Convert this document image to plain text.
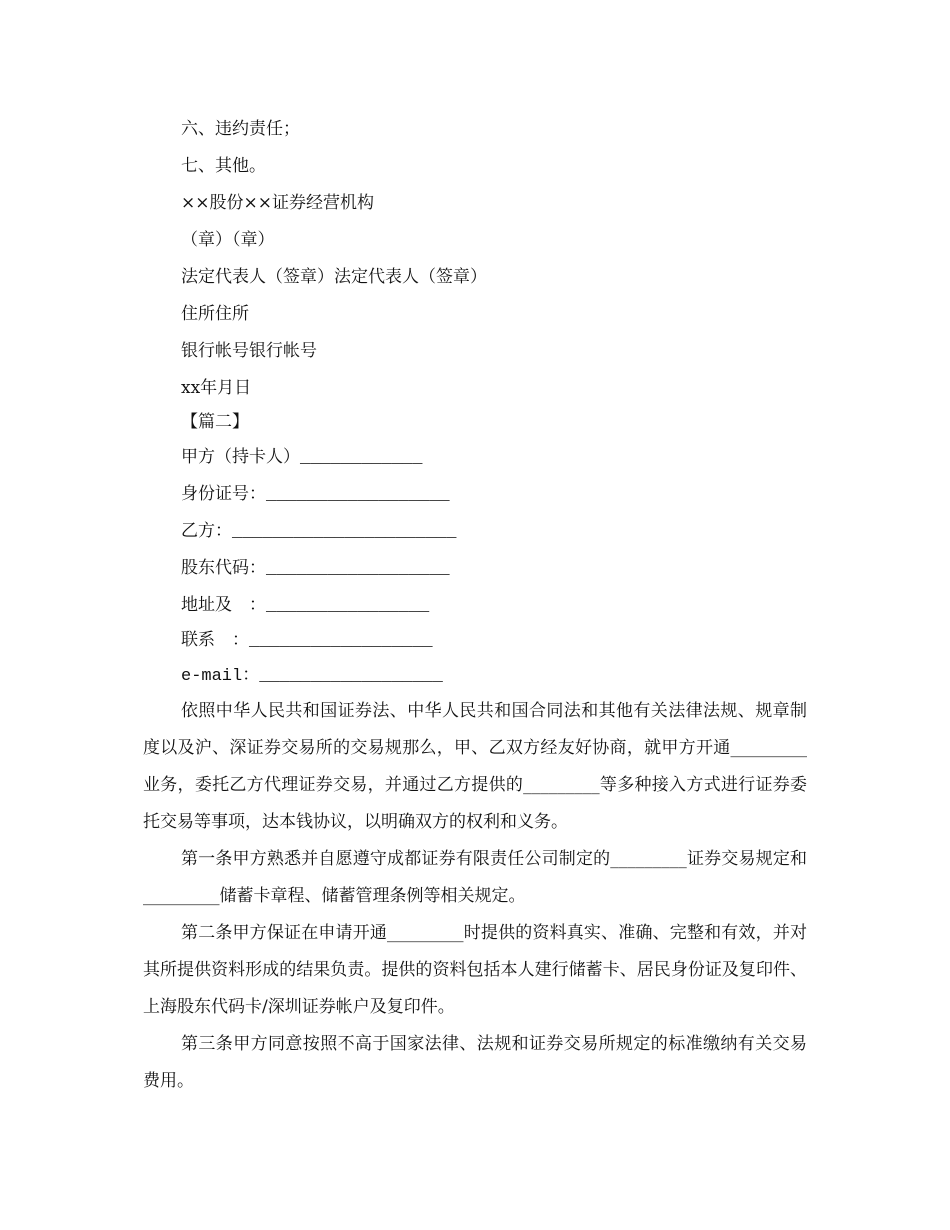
六、违约责任；

七、其他。

××股份××证券经营机构

（章）（章）

法定代表人（签章）法定代表人（签章）

住所住所

银行帐号银行帐号

xx年月日

【篇二】

甲方（持卡人）____________

身份证号：__________________

乙方：______________________

股东代码：__________________

地址及　：________________

联系　：__________________

e-mail：__________________

依照中华人民共和国证券法、中华人民共和国合同法和其他有关法律法规、规章制度以及沪、深证券交易所的交易规那么，甲、乙双方经友好协商，就甲方开通_________业务，委托乙方代理证券交易，并通过乙方提供的_________等多种接入方式进行证券委托交易等事项，达本钱协议，以明确双方的权利和义务。

第一条甲方熟悉并自愿遵守成都证券有限责任公司制定的_________证券交易规定和_________储蓄卡章程、储蓄管理条例等相关规定。

第二条甲方保证在申请开通_________时提供的资料真实、准确、完整和有效，并对其所提供资料形成的结果负责。提供的资料包括本人建行储蓄卡、居民身份证及复印件、上海股东代码卡/深圳证券帐户及复印件。

第三条甲方同意按照不高于国家法律、法规和证券交易所规定的标准缴纳有关交易费用。
